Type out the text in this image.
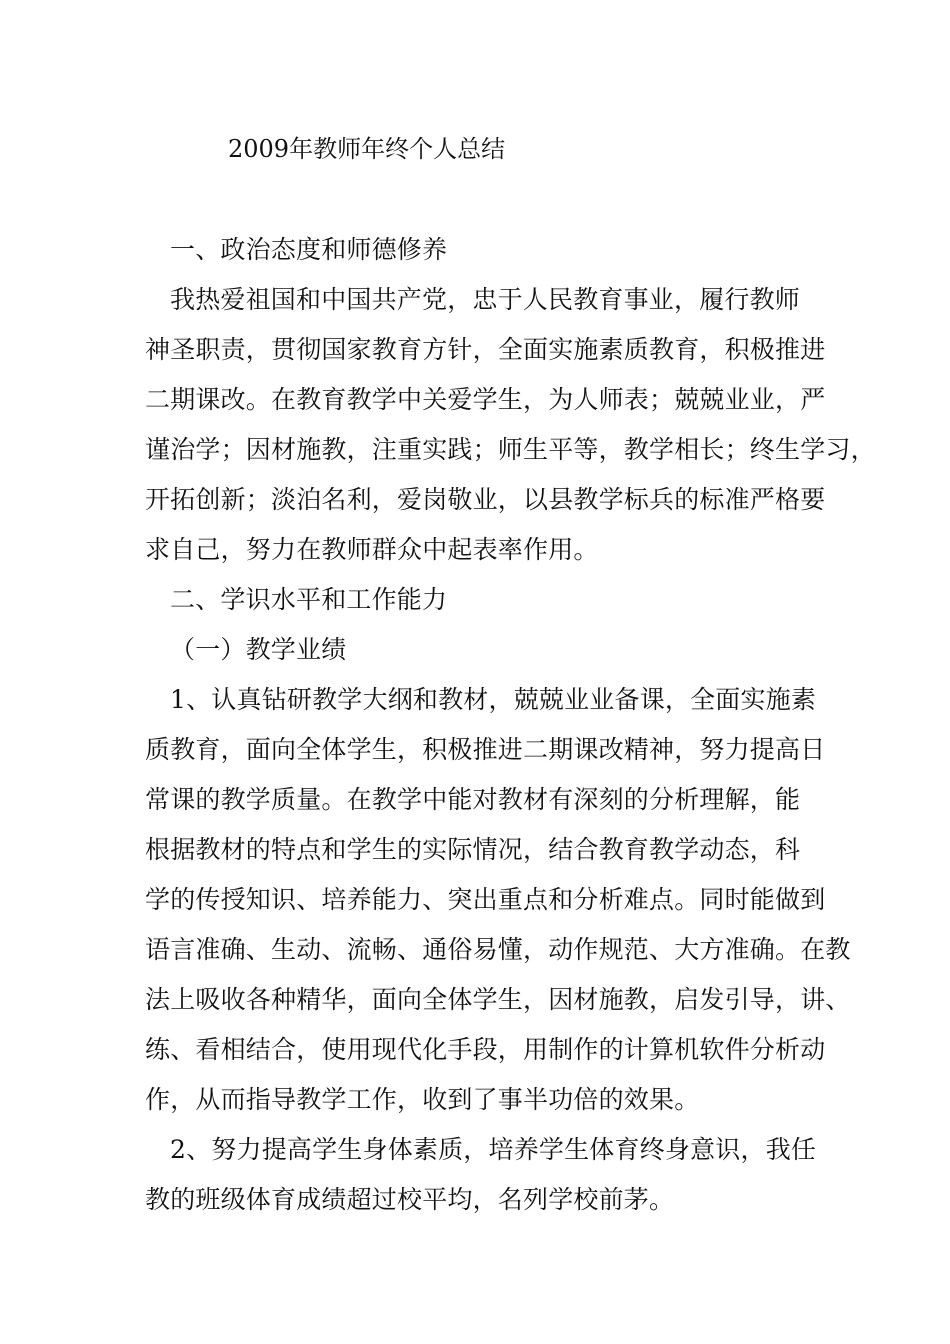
2009年教师年终个人总结
一、政治态度和师德修养
我热爱祖国和中国共产党，忠于人民教育事业，履行教师
神圣职责，贯彻国家教育方针，全面实施素质教育，积极推进
二期课改。在教育教学中关爱学生，为人师表；兢兢业业，严
谨治学；因材施教，注重实践；师生平等，教学相长；终生学习，
开拓创新；淡泊名利，爱岗敬业，以县教学标兵的标准严格要
求自己，努力在教师群众中起表率作用。
二、学识水平和工作能力
（一）教学业绩
1、认真钻研教学大纲和教材，兢兢业业备课，全面实施素
质教育，面向全体学生，积极推进二期课改精神，努力提高日
常课的教学质量。在教学中能对教材有深刻的分析理解，能
根据教材的特点和学生的实际情况，结合教育教学动态，科
学的传授知识、培养能力、突出重点和分析难点。同时能做到
语言准确、生动、流畅、通俗易懂，动作规范、大方准确。在教
法上吸收各种精华，面向全体学生，因材施教，启发引导，讲、
练、看相结合，使用现代化手段，用制作的计算机软件分析动
作，从而指导教学工作，收到了事半功倍的效果。
2、努力提高学生身体素质，培养学生体育终身意识，我任
教的班级体育成绩超过校平均，名列学校前茅。
